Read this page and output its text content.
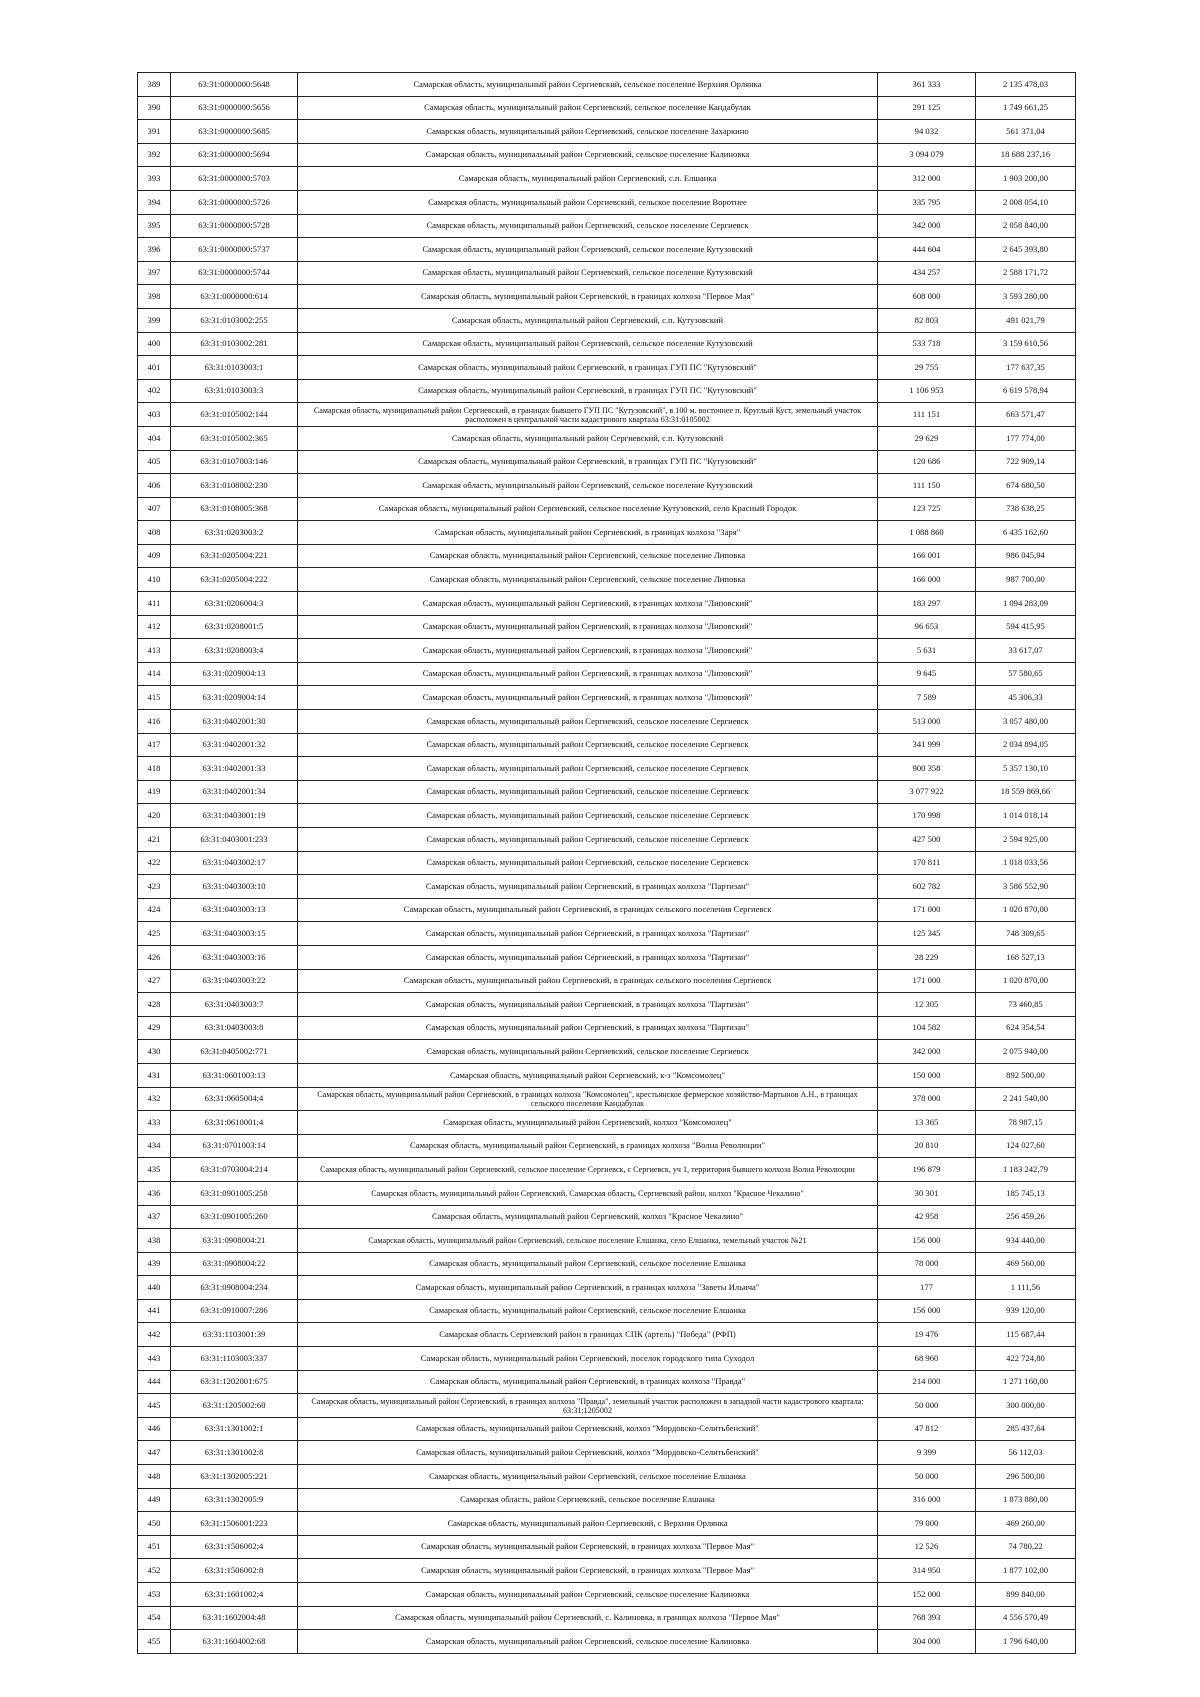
389	63:31:0000000:5648	Самарская область, муниципальный район Сергиевский, сельское поселение Верхняя Орлянка	361 333	2 135 478,03
390	63:31:0000000:5656	Самарская область, муниципальный район Сергиевский, сельское поселение Кандабулак	291 125	1 749 661,25
391	63:31:0000000:5685	Самарская область, муниципальный район Сергиевский, сельское поселение Захаркино	94 032	561 371,04
392	63:31:0000000:5694	Самарская область, муниципальный район Сергиевский, сельское поселение Калиновка	3 094 079	18 688 237,16
393	63:31:0000000:5703	Самарская область, муниципальный район Сергиевский, с.п. Елшанка	312 000	1 903 200,00
394	63:31:0000000:5726	Самарская область, муниципальный район Сергиевский, сельское поселение Воротнее	335 795	2 008 054,10
395	63:31:0000000:5728	Самарская область, муниципальный район Сергиевский, сельское поселение Сергиевск	342 000	2 058 840,00
396	63:31:0000000:5737	Самарская область, муниципальный район Сергиевский, сельское поселение Кутузовский	444 604	2 645 393,80
397	63:31:0000000:5744	Самарская область, муниципальный район Сергиевский, сельское поселение Кутузовский	434 257	2 588 171,72
398	63:31:0000000:614	Самарская область, муниципальный район Сергиевский, в границах колхоза "Первое Мая"	608 000	3 593 280,00
399	63:31:0103002:255	Самарская область, муниципальный район Сергиевский, с.п. Кутузовский	82 803	491 021,79
400	63:31:0103002:281	Самарская область, муниципальный район Сергиевский, сельское поселение Кутузовский	533 718	3 159 610,56
401	63:31:0103003:1	Самарская область, муниципальный район Сергиевский, в границах ГУП ПС "Кутузовский"	29 755	177 637,35
402	63:31:0103003:3	Самарская область, муниципальный район Сергиевский, в границах ГУП ПС "Кутузовский"	1 106 953	6 619 578,94
403	63:31:0105002:144	Самарская область, муниципальный район Сергиевский, в границах бывшего ГУП ПС "Кутузовский", в 100 м. восточнее п. Круглый Куст, земельный участок расположен в центральной части кадастрового квартала 63:31:0105002	111 151	663 571,47
404	63:31:0105002:365	Самарская область, муниципальный район Сергиевский, с.п. Кутузовский	29 629	177 774,00
405	63:31:0107003:146	Самарская область, муниципальный район Сергиевский, в границах ГУП ПС "Кутузовский"	120 686	722 909,14
406	63:31:0108002:230	Самарская область, муниципальный район Сергиевский, сельское поселение Кутузовский	111 150	674 680,50
407	63:31:0108005:368	Самарская область, муниципальный район Сергиевский, сельское поселение Кутузовский, село Красный Городок	123 725	738 638,25
408	63:31:0203003:2	Самарская область, муниципальный район Сергиевский, в границах колхоза "Заря"	1 088 860	6 435 162,60
409	63:31:0205004:221	Самарская область, муниципальный район Сергиевский, сельское поселение Липовка	166 001	986 045,94
410	63:31:0205004:222	Самарская область, муниципальный район Сергиевский, сельское поселение Липовка	166 000	987 700,00
411	63:31:0206004:3	Самарская область, муниципальный район Сергиевский, в границах колхоза "Липовский"	183 297	1 094 283,09
412	63:31:0208001:5	Самарская область, муниципальный район Сергиевский, в границах колхоза "Липовский"	96 653	594 415,95
413	63:31:0208003:4	Самарская область, муниципальный район Сергиевский, в границах колхоза "Липовский"	5 631	33 617,07
414	63:31:0209004:13	Самарская область, муниципальный район Сергиевский, в границах колхоза "Липовский"	9 645	57 580,65
415	63:31:0209004:14	Самарская область, муниципальный район Сергиевский, в границах колхоза "Липовский"	7 589	45 306,33
416	63:31:0402001:30	Самарская область, муниципальный район Сергиевский, сельское поселение Сергиевск	513 000	3 057 480,00
417	63:31:0402001:32	Самарская область, муниципальный район Сергиевский, сельское поселение Сергиевск	341 999	2 034 894,05
418	63:31:0402001:33	Самарская область, муниципальный район Сергиевский, сельское поселение Сергиевск	900 358	5 357 130,10
419	63:31:0402001:34	Самарская область, муниципальный район Сергиевский, сельское поселение Сергиевск	3 077 922	18 559 869,66
420	63:31:0403001:19	Самарская область, муниципальный район Сергиевский, сельское поселение Сергиевск	170 998	1 014 018,14
421	63:31:0403001:233	Самарская область, муниципальный район Сергиевский, сельское поселение Сергиевск	427 500	2 594 925,00
422	63:31:0403002:17	Самарская область, муниципальный район Сергиевский, сельское поселение Сергиевск	170 811	1 018 033,56
423	63:31:0403003:10	Самарская область, муниципальный район Сергиевский, в границах колхоза "Партизан"	602 782	3 586 552,90
424	63:31:0403003:13	Самарская область, муниципальный район Сергиевский, в границах сельского поселения Сергиевск	171 000	1 020 870,00
425	63:31:0403003:15	Самарская область, муниципальный район Сергиевский, в границах колхоза "Партизан"	125 345	748 309,65
426	63:31:0403003:16	Самарская область, муниципальный район Сергиевский, в границах колхоза "Партизан"	28 229	168 527,13
427	63:31:0403003:22	Самарская область, муниципальный район Сергиевский, в границах сельского поселения Сергиевск	171 000	1 020 870,00
428	63:31:0403003:7	Самарская область, муниципальный район Сергиевский, в границах колхоза "Партизан"	12 305	73 460,85
429	63:31:0403003:8	Самарская область, муниципальный район Сергиевский, в границах колхоза "Партизан"	104 582	624 354,54
430	63:31:0405002:771	Самарская область, муниципальный район Сергиевский, сельское поселение Сергиевск	342 000	2 075 940,00
431	63:31:0601003:13	Самарская область, муниципальный район Сергиевский, к-з "Комсомолец"	150 000	892 500,00
432	63:31:0605004:4	Самарская область, муниципальный район Сергиевский, в границах колхоза "Комсомолец", крестьянское фермерское хозяйство-Мартынов А.Н., в границах сельского поселения Кандабулак	378 000	2 241 540,00
433	63:31:0610001:4	Самарская область, муниципальный район Сергиевский, колхоз "Комсомолец"	13 365	78 987,15
434	63:31:0701003:14	Самарская область, муниципальный район Сергиевский, в границах колхоза "Волна Революции"	20 810	124 027,60
435	63:31:0703004:214	Самарская область, муниципальный район Сергиевский, сельское поселение Сергиевск, с Сергиевск, уч 1, территория бывшего колхоза Волна Революции	196 879	1 183 242,79
436	63:31:0901005:258	Самарская область, муниципальный район Сергиевский, Самарская область, Сергиевский район, колхоз "Красное Чекалино"	30 301	185 745,13
437	63:31:0901005:260	Самарская область, муниципальный район Сергиевский, колхоз "Красное Чекалино"	42 958	256 459,26
438	63:31:0908004:21	Самарская область, муниципальный район Сергиевский, сельское поселение Елшанка, село Елшанка, земельный участок №21	156 000	934 440,00
439	63:31:0908004:22	Самарская область, муниципальный район Сергиевский, сельское поселение Елшанка	78 000	469 560,00
440	63:31:0908004:234	Самарская область, муниципальный район Сергиевский, в границах колхоза "Заветы Ильича"	177	1 111,56
441	63:31:0910007:286	Самарская область, муниципальный район Сергиевский, сельское поселение Елшанка	156 000	939 120,00
442	63:31:1103001:39	Самарская область Сергиевский район в границах СПК (артель) "Победа" (РФП)	19 476	115 687,44
443	63:31:1103003:337	Самарская область, муниципальный район Сергиевский, поселок городского типа Суходол	68 960	422 724,80
444	63:31:1202001:675	Самарская область, муниципальный район Сергиевский, в границах колхоза "Правда"	214 000	1 271 160,00
445	63:31:1205002:60	Самарская область, муниципальный район Сергиевский, в границах колхоза "Правда", земельный участок расположен в западной части кадастрового квартала: 63:31:1205002	50 000	300 000,00
446	63:31:1301002:1	Самарская область, муниципальный район Сергиевский, колхоз "Мордовско-Селитьбенский"	47 812	285 437,64
447	63:31:1301002:8	Самарская область, муниципальный район Сергиевский, колхоз "Мордовско-Селитьбенский"	9 399	56 112,03
448	63:31:1302005:221	Самарская область, муниципальный район Сергиевский, сельское поселение Елшанка	50 000	296 500,00
449	63:31:1302005:9	Самарская область, район Сергиевский, сельское поселение Елшанка	316 000	1 873 880,00
450	63:31:1506001:223	Самарская область, муниципальный район Сергиевский, с Верхняя Орлянка	79 000	469 260,00
451	63:31:1506002:4	Самарская область, муниципальный район Сергиевский, в границах колхоза "Первое Мая"	12 526	74 780,22
452	63:31:1506002:8	Самарская область, муниципальный район Сергиевский, в границах колхоза "Первое Мая"	314 950	1 877 102,00
453	63:31:1601002:4	Самарская область, муниципальный район Сергиевский, сельское поселение Калиновка	152 000	899 840,00
454	63:31:1602004:48	Самарская область, муниципальный район Сергиевский, с. Калиновка, в границах колхоза "Первое Мая"	768 393	4 556 570,49
455	63:31:1604002:68	Самарская область, муниципальный район Сергиевский, сельское поселение Калиновка	304 000	1 796 640,00
